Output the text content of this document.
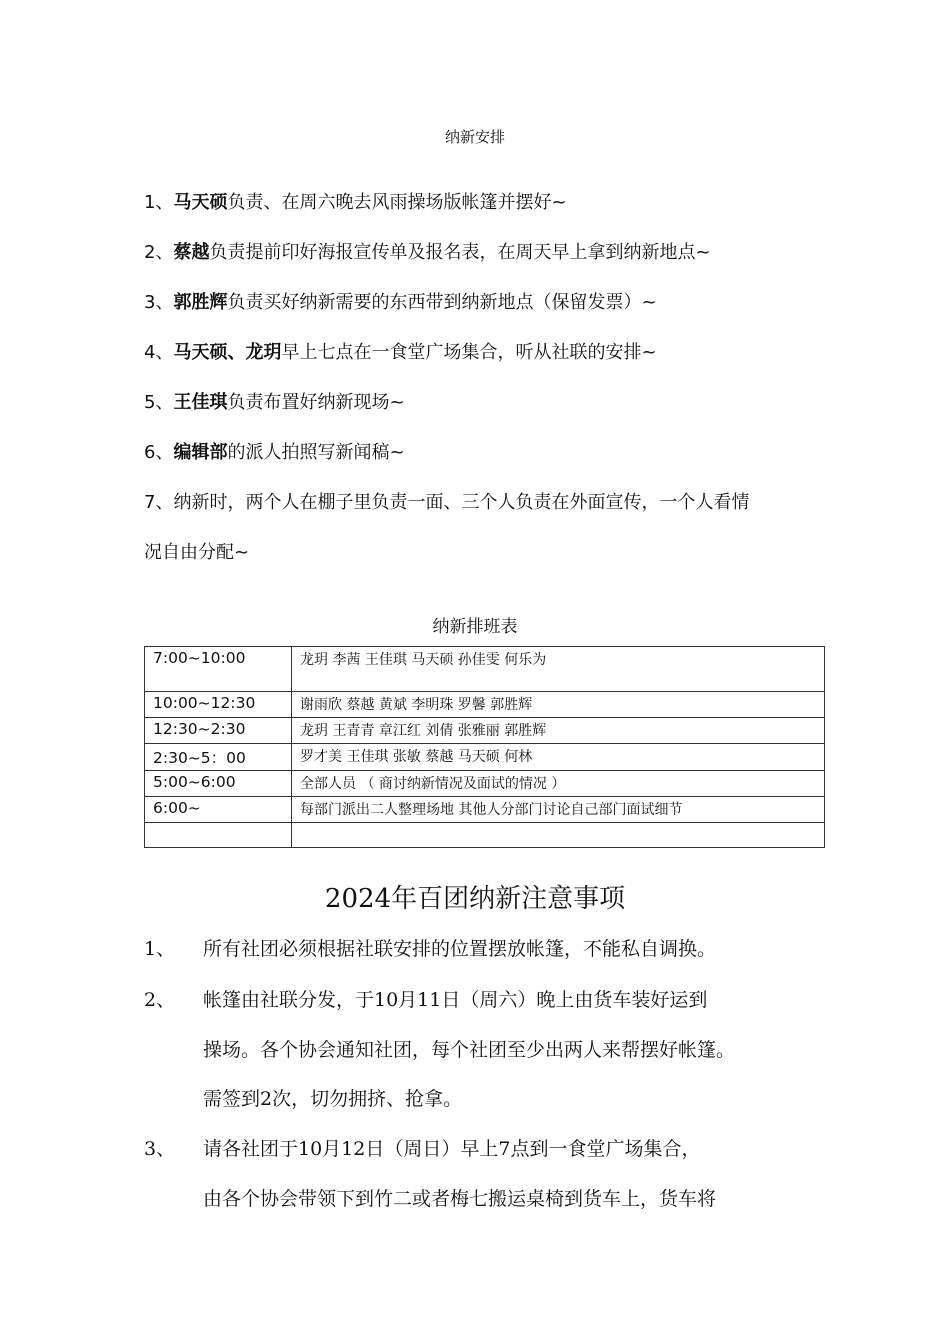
纳新安排
1、马天硕负责、在周六晚去风雨操场版帐篷并摆好~
2、蔡越负责提前印好海报宣传单及报名表，在周天早上拿到纳新地点~
3、郭胜辉负责买好纳新需要的东西带到纳新地点（保留发票）~
4、马天硕、龙玥早上七点在一食堂广场集合，听从社联的安排~
5、王佳琪负责布置好纳新现场~
6、编辑部的派人拍照写新闻稿~
7、纳新时，两个人在棚子里负责一面、三个人负责在外面宣传，一个人看情
况自由分配~
纳新排班表
7:00~10:00	龙玥 李茜 王佳琪 马天硕 孙佳雯 何乐为
10:00~12:30	谢雨欣 蔡越 黄斌 李明珠 罗馨 郭胜辉
12:30~2:30	龙玥 王青青 章江红 刘倩 张雅丽 郭胜辉
2:30~5：00	罗才美 王佳琪 张敏 蔡越 马天硕 何林
5:00~6:00	全部人员 （ 商讨纳新情况及面试的情况 ）
6:00~	每部门派出二人整理场地 其他人分部门讨论自己部门面试细节

2024年百团纳新注意事项
1、 所有社团必须根据社联安排的位置摆放帐篷，不能私自调换。
2、 帐篷由社联分发，于10月11日（周六）晚上由货车装好运到
操场。各个协会通知社团，每个社团至少出两人来帮摆好帐篷。
需签到2次，切勿拥挤、抢拿。
3、 请各社团于10月12日（周日）早上7点到一食堂广场集合，
由各个协会带领下到竹二或者梅七搬运桌椅到货车上，货车将
